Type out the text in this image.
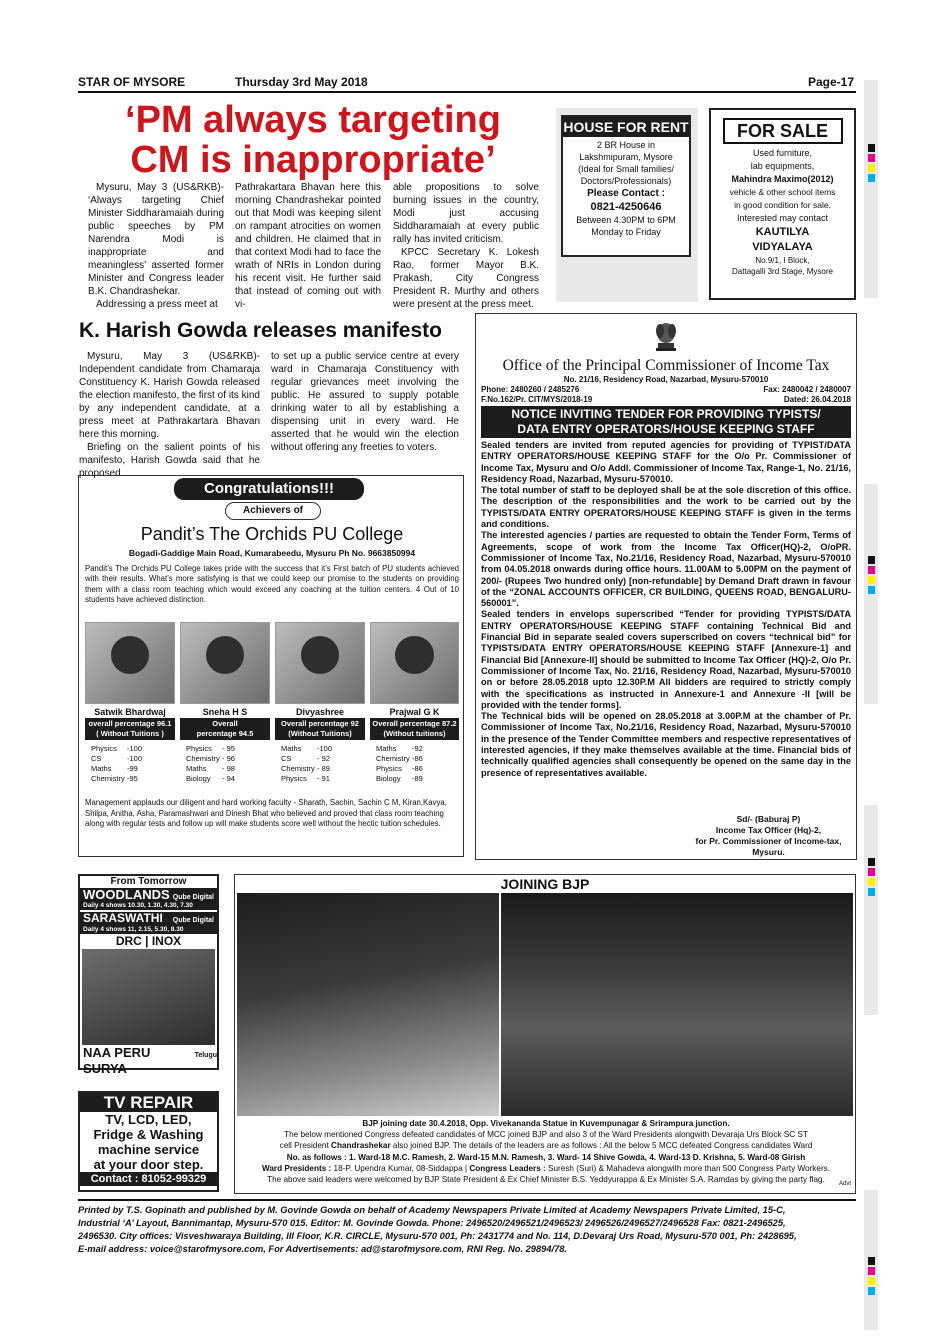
STAR OF MYSORE	Thursday 3rd May 2018	Page-17
‘PM always targeting
CM is inappropriate’

Mysuru, May 3 (US&RKB)- ‘Always targeting Chief Minister Siddharamaiah during public speeches by PM Narendra Modi is inappropriate and meaningless’ asserted former Minister and Congress leader B.K. Chandrashekar.

Addressing a press meet at

Pathrakartara Bhavan here this morning Chandrashekar pointed out that Modi was keeping silent on rampant atrocities on women and children. He claimed that in that context Modi had to face the wrath of NRIs in London during his recent visit. He further said that instead of coming out with vi-

able propositions to solve burning issues in the country, Modi just accusing Siddharamaiah at every public rally has invited criticism.

KPCC Secretary K. Lokesh Rao, former Mayor B.K. Prakash, City Congress President R. Murthy and others were present at the press meet.

HOUSE FOR RENT
2 BR House in
Lakshmipuram, Mysore
(Ideal for Small families/
Doctors/Professionals)
Please Contact :
0821-4250646
Between 4.30PM to 6PM
Monday to Friday
FOR SALE
Used furniture,
lab equipments,
Mahindra Maximo(2012)
vehicle & other school items
in good condition for sale.
Interested may contact
KAUTILYA
VIDYALAYA
No.9/1, I Block,
Dattagalli 3rd Stage, Mysore
K. Harish Gowda releases manifesto

Mysuru, May 3 (US&RKB)- Independent candidate from Chamaraja Constituency K. Harish Gowda released the election manifesto, the first of its kind by any independent candidate, at a press meet at Pathrakartara Bhavan here this morning.

Briefing on the salient points of his manifesto, Harish Gowda said that he proposed

to set up a public service centre at every ward in Chamaraja Constituency with regular grievances meet involving the public. He assured to supply potable drinking water to all by establishing a dispensing unit in every ward. He asserted that he would win the election without offering any freeties to voters.

Office of the Principal Commissioner of Income Tax
No. 21/16, Residency Road, Nazarbad, Mysuru-570010
Phone: 2480260 / 2485276	Fax: 2480042 / 2480007
F.No.162/Pr. CIT/MYS/2018-19	Dated: 26.04.2018
NOTICE INVITING TENDER FOR PROVIDING TYPISTS/
DATA ENTRY OPERATORS/HOUSE KEEPING STAFF

Sealed tenders are invited from reputed agencies for providing of TYPIST/DATA ENTRY OPERATORS/HOUSE KEEPING STAFF for the O/o Pr. Commissioner of Income Tax, Mysuru and O/o Addl. Commissioner of Income Tax, Range-1, No. 21/16, Residency Road, Nazarbad, Mysuru-570010.

The total number of staff to be deployed shall be at the sole discretion of this office. The description of the responsibilities and the work to be carried out by the TYPISTS/DATA ENTRY OPERATORS/HOUSE KEEPING STAFF is given in the terms and conditions.

The interested agencies / parties are requested to obtain the Tender Form, Terms of Agreements, scope of work from the Income Tax Officer(HQ)-2, O/oPR. Commissioner of Income Tax, No.21/16, Residency Road, Nazarbad, Mysuru-570010 from 04.05.2018 onwards during office hours. 11.00AM to 5.00PM on the payment of 200/- (Rupees Two hundred only) [non-refundable] by Demand Draft drawn in favour of the “ZONAL ACCOUNTS OFFICER, CR BUILDING, QUEENS ROAD, BENGALURU-560001”.

Sealed tenders in envelops superscribed “Tender for providing TYPISTS/DATA ENTRY OPERATORS/HOUSE KEEPING STAFF containing Technical Bid and Financial Bid in separate sealed covers superscribed on covers “technical bid” for TYPISTS/DATA ENTRY OPERATORS/HOUSE KEEPING STAFF [Annexure-1] and Financial Bid [Annexure-II] should be submitted to Income Tax Officer (HQ)-2, O/o Pr. Commissioner of Income Tax, No. 21/16, Residency Road, Nazarbad, Mysuru-570010 on or before 28.05.2018 upto 12.30P.M All bidders are required to strictly comply with the specifications as instructed in Annexure-1 and Annexure -II [will be provided with the tender forms].

The Technical bids will be opened on 28.05.2018 at 3.00P.M at the chamber of Pr. Commissioner of Income Tax, No.21/16, Residency Road, Nazarbad, Mysuru-570010 in the presence of the Tender Committee members and respective representatives of interested agencies, if they make themselves available at the time. Financial bids of technically qualified agencies shall consequently be opened on the same day in the presence of representatives available.

Sd/- (Baburaj P)
Income Tax Officer (Hq)-2,
for Pr. Commissioner of Income-tax,
Mysuru.
Congratulations!!!
Achievers of
Pandit’s The Orchids PU College
Bogadi-Gaddige Main Road, Kumarabeedu, Mysuru Ph No. 9663850994
Pandit’s The Orchids PU College takes pride with the success that it’s First batch of PU students achieved with their results. What’s more satisfying is that we could keep our promise to the students on providing them with a class room teaching which would exceed any coaching at the tuition centers. 4 Out of 10 students have achieved distinction.
Satwik Bhardwaj
overall percentage 96.1
( Without Tuitions )
Physics	-100
CS	-100
Maths	-99
Chemistry -95
Sneha H S
Overall
percentage 94.5
Physics	- 95
Chemistry - 96
Maths	- 98
Biology	- 94
Divyashree
Overall percentage 92
(Without Tuitions)
Maths	-100
CS	- 92
Chemistry - 89
Physics	- 91
Prajwal G K
Overall percentage 87.2
(Without tuitions)
Maths	-92
Chemistry -86
Physics	-86
Biology	-89
Management applauds our diligent and hard working faculty - Sharath, Sachin, Sachin C M, Kiran,Kavya, Shilpa, Anitha, Asha, Paramashwari and Dinesh Bhat who believed and proved that class room teaching along with regular tests and follow up will make students score well without the hectic tuition schedules.
From Tomorrow
WOODLANDS Qube Digital
Daily 4 shows 10.30, 1.30, 4.30, 7.30
SARASWATHI Qube Digital
Daily 4 shows 11, 2.15, 5.30, 8.30
DRC | INOX
NAA PERU SURYA
Telugu
TV REPAIR
TV, LCD, LED,
Fridge & Washing
machine service
at your door step.
Contact : 81052-99329
JOINING BJP
BJP joining date 30.4.2018, Opp. Vivekananda Statue in Kuvempunagar & Srirampura junction.
The below mentioned Congress defeated candidates of MCC joined BJP and also 3 of the Ward Presidents alongwith Devaraja Urs Block SC ST
cell President Chandrashekar also joined BJP. The details of the leaders are as follows : All the below 5 MCC defeated Congress candidates Ward
No. as follows : 1. Ward-18 M.C. Ramesh, 2. Ward-15 M.N. Ramesh, 3. Ward- 14 Shive Gowda, 4. Ward-13 D. Krishna, 5. Ward-08 Girish
Ward Presidents : 18-P. Upendra Kumar, 08-Siddappa | Congress Leaders : Suresh (Suri) & Mahadeva alongwith more than 500 Congress Party Workers.
The above said leaders were welcomed by BJP State President & Ex Chief Minister B.S. Yeddyurappa & Ex Minister S.A. Ramdas by giving the party flag.	Advt
Printed by T.S. Gopinath and published by M. Govinde Gowda on behalf of Academy Newspapers Private Limited at Academy Newspapers Private Limited, 15-C,
Industrial ‘A’ Layout, Bannimantap, Mysuru-570 015. Editor: M. Govinde Gowda. Phone: 2496520/2496521/2496523/ 2496526/2496527/2496528 Fax: 0821-2496525,
2496530. City offices: Visveshwaraya Building, III Floor, K.R. CIRCLE, Mysuru-570 001, Ph: 2431774 and No. 114, D.Devaraj Urs Road, Mysuru-570 001, Ph: 2428695,
E-mail address: voice@starofmysore.com, For Advertisements: ad@starofmysore.com, RNI Reg. No. 29894/78.
